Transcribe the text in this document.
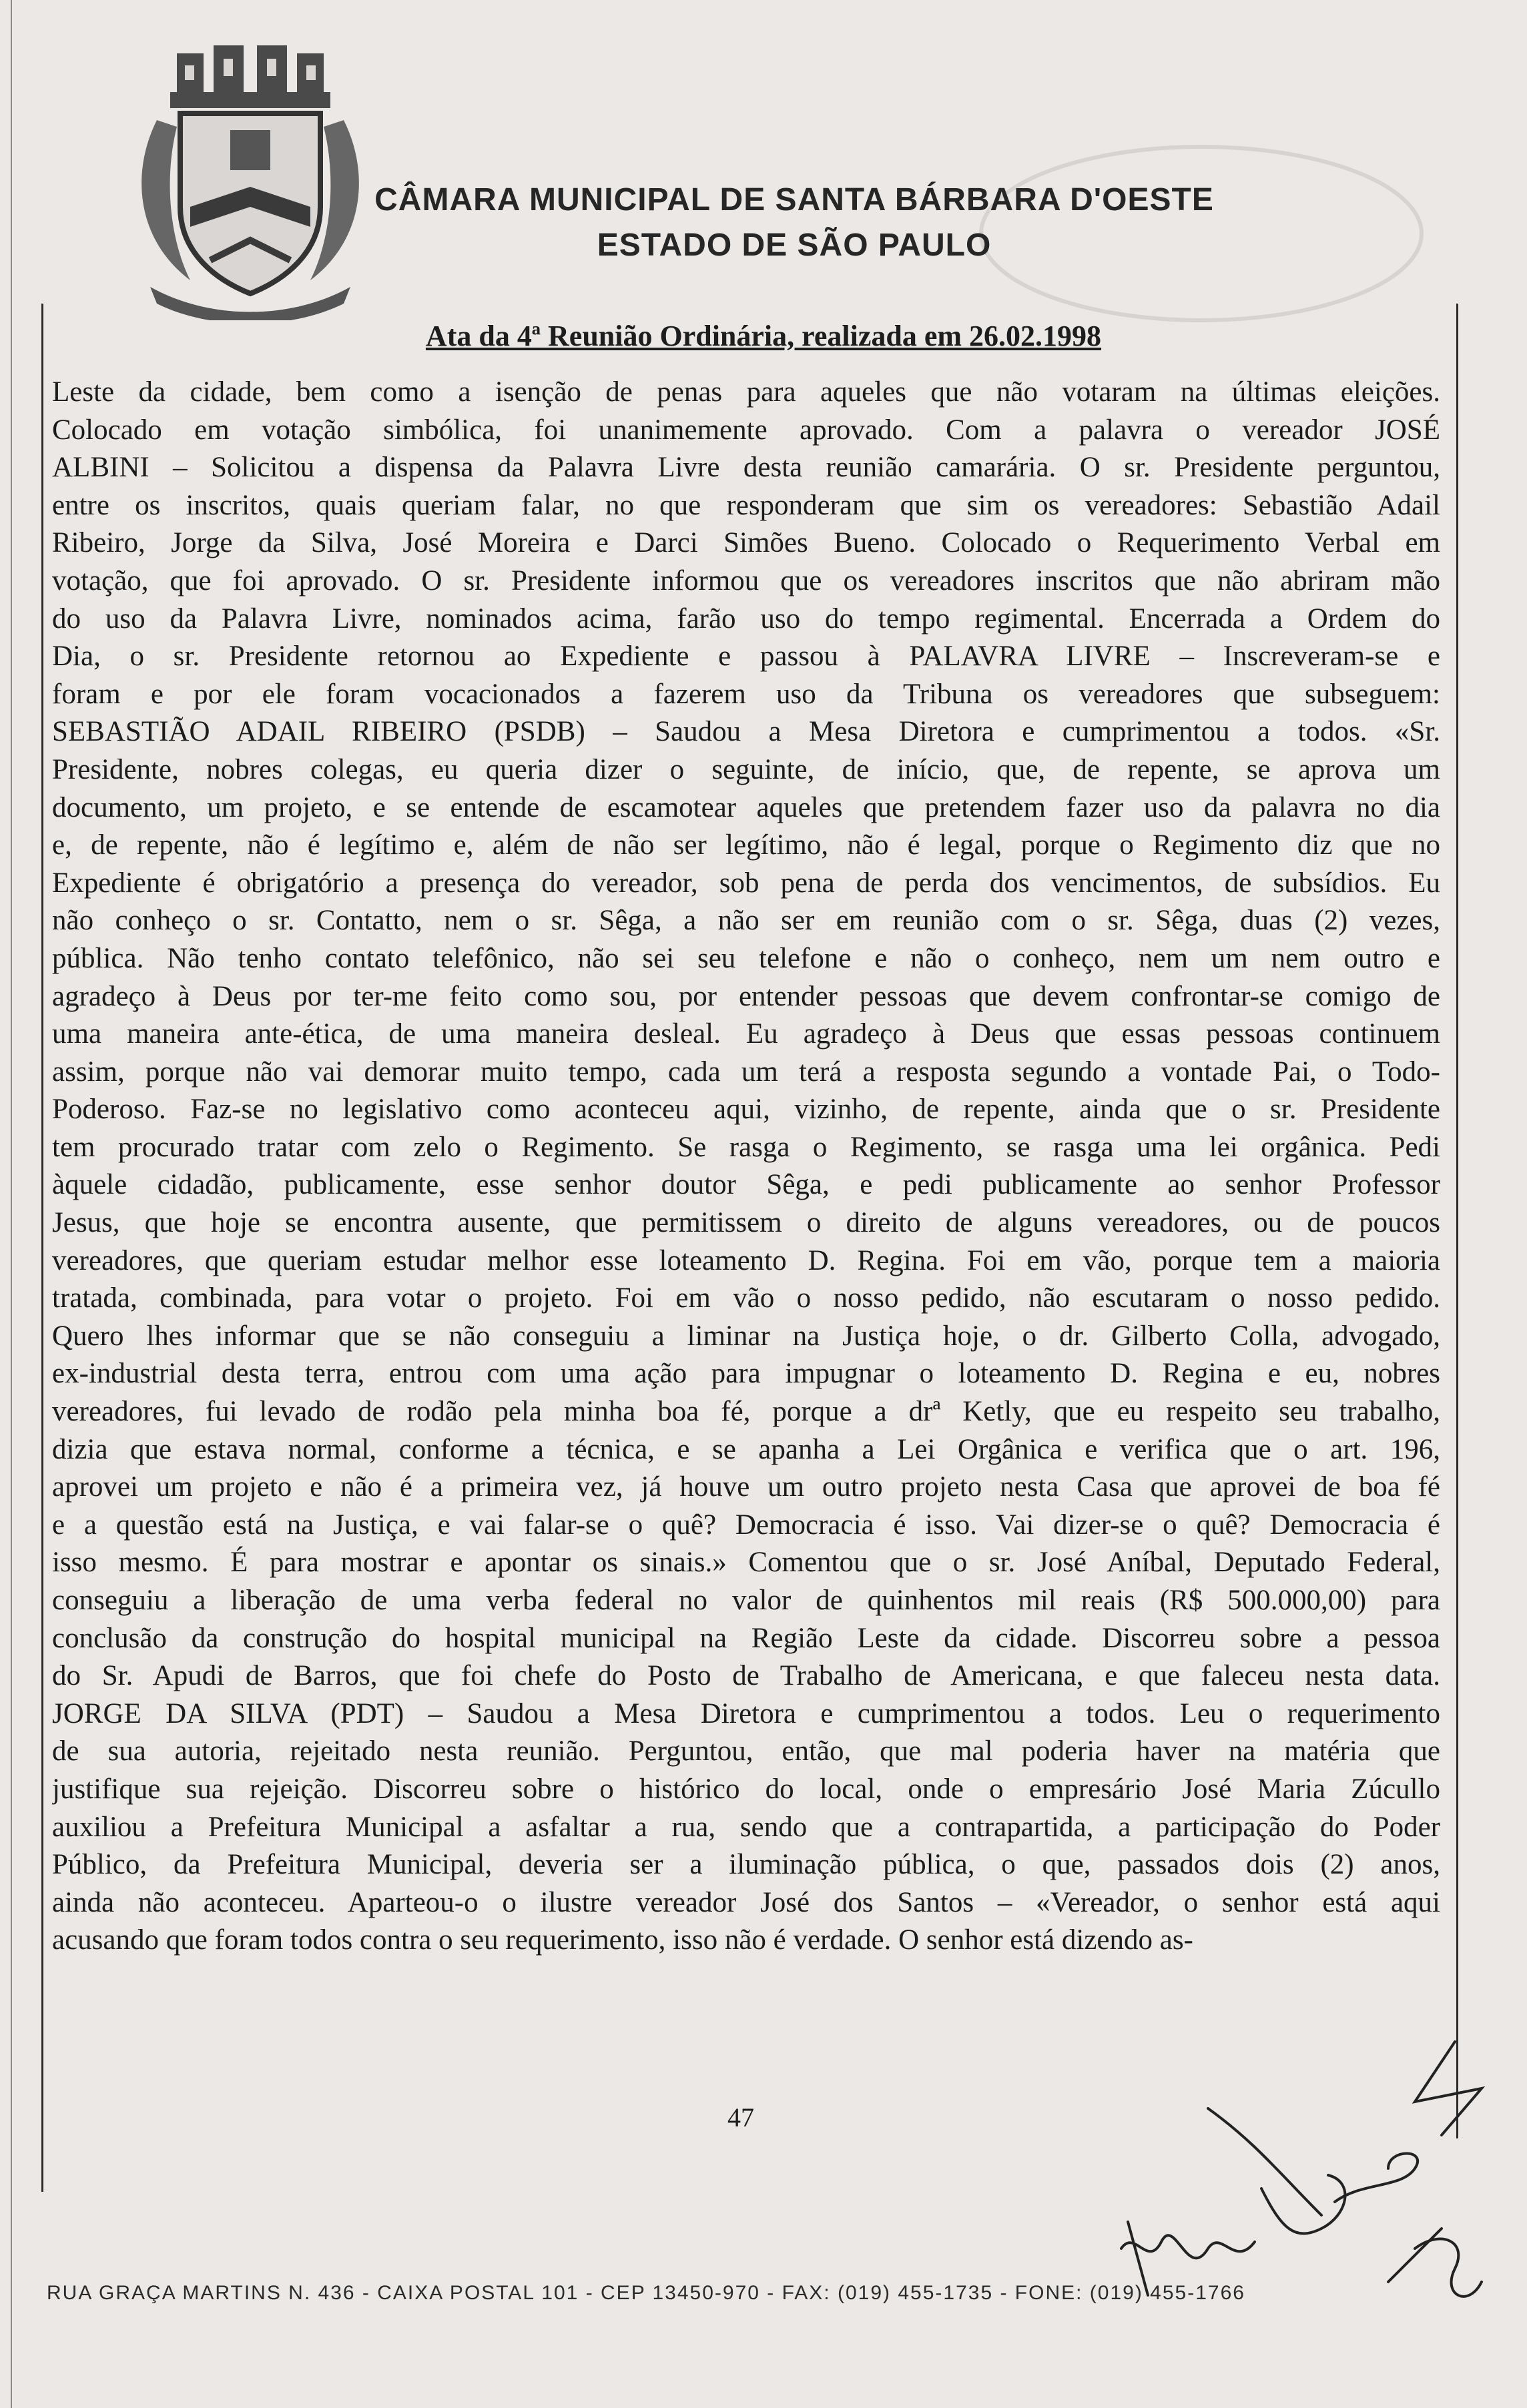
CÂMARA MUNICIPAL DE SANTA BÁRBARA D'OESTE
ESTADO DE SÃO PAULO
Ata da 4ª Reunião Ordinária, realizada em 26.02.1998
Leste da cidade, bem como a isenção de penas para aqueles que não votaram na últimas eleições.
Colocado em votação simbólica, foi unanimemente aprovado. Com a palavra o vereador JOSÉ
ALBINI – Solicitou a dispensa da Palavra Livre desta reunião camarária. O sr. Presidente perguntou,
entre os inscritos, quais queriam falar, no que responderam que sim os vereadores: Sebastião Adail
Ribeiro, Jorge da Silva, José Moreira e Darci Simões Bueno. Colocado o Requerimento Verbal em
votação, que foi aprovado. O sr. Presidente informou que os vereadores inscritos que não abriram mão
do uso da Palavra Livre, nominados acima, farão uso do tempo regimental. Encerrada a Ordem do
Dia, o sr. Presidente retornou ao Expediente e passou à PALAVRA LIVRE – Inscreveram-se e
foram e por ele foram vocacionados a fazerem uso da Tribuna os vereadores que subseguem:
SEBASTIÃO ADAIL RIBEIRO (PSDB) – Saudou a Mesa Diretora e cumprimentou a todos. «Sr.
Presidente, nobres colegas, eu queria dizer o seguinte, de início, que, de repente, se aprova um
documento, um projeto, e se entende de escamotear aqueles que pretendem fazer uso da palavra no dia
e, de repente, não é legítimo e, além de não ser legítimo, não é legal, porque o Regimento diz que no
Expediente é obrigatório a presença do vereador, sob pena de perda dos vencimentos, de subsídios. Eu
não conheço o sr. Contatto, nem o sr. Sêga, a não ser em reunião com o sr. Sêga, duas (2) vezes,
pública. Não tenho contato telefônico, não sei seu telefone e não o conheço, nem um nem outro e
agradeço à Deus por ter-me feito como sou, por entender pessoas que devem confrontar-se comigo de
uma maneira ante-ética, de uma maneira desleal. Eu agradeço à Deus que essas pessoas continuem
assim, porque não vai demorar muito tempo, cada um terá a resposta segundo a vontade Pai, o Todo-
Poderoso. Faz-se no legislativo como aconteceu aqui, vizinho, de repente, ainda que o sr. Presidente
tem procurado tratar com zelo o Regimento. Se rasga o Regimento, se rasga uma lei orgânica. Pedi
àquele cidadão, publicamente, esse senhor doutor Sêga, e pedi publicamente ao senhor Professor
Jesus, que hoje se encontra ausente, que permitissem o direito de alguns vereadores, ou de poucos
vereadores, que queriam estudar melhor esse loteamento D. Regina. Foi em vão, porque tem a maioria
tratada, combinada, para votar o projeto. Foi em vão o nosso pedido, não escutaram o nosso pedido.
Quero lhes informar que se não conseguiu a liminar na Justiça hoje, o dr. Gilberto Colla, advogado,
ex-industrial desta terra, entrou com uma ação para impugnar o loteamento D. Regina e eu, nobres
vereadores, fui levado de rodão pela minha boa fé, porque a drª Ketly, que eu respeito seu trabalho,
dizia que estava normal, conforme a técnica, e se apanha a Lei Orgânica e verifica que o art. 196,
aprovei um projeto e não é a primeira vez, já houve um outro projeto nesta Casa que aprovei de boa fé
e a questão está na Justiça, e vai falar-se o quê? Democracia é isso. Vai dizer-se o quê? Democracia é
isso mesmo. É para mostrar e apontar os sinais.» Comentou que o sr. José Aníbal, Deputado Federal,
conseguiu a liberação de uma verba federal no valor de quinhentos mil reais (R$ 500.000,00) para
conclusão da construção do hospital municipal na Região Leste da cidade. Discorreu sobre a pessoa
do Sr. Apudi de Barros, que foi chefe do Posto de Trabalho de Americana, e que faleceu nesta data.
JORGE DA SILVA (PDT) – Saudou a Mesa Diretora e cumprimentou a todos. Leu o requerimento
de sua autoria, rejeitado nesta reunião. Perguntou, então, que mal poderia haver na matéria que
justifique sua rejeição. Discorreu sobre o histórico do local, onde o empresário José Maria Zúcullo
auxiliou a Prefeitura Municipal a asfaltar a rua, sendo que a contrapartida, a participação do Poder
Público, da Prefeitura Municipal, deveria ser a iluminação pública, o que, passados dois (2) anos,
ainda não aconteceu. Aparteou-o o ilustre vereador José dos Santos – «Vereador, o senhor está aqui
acusando que foram todos contra o seu requerimento, isso não é verdade. O senhor está dizendo as-
47
RUA GRAÇA MARTINS N. 436 - CAIXA POSTAL 101 - CEP 13450-970 - FAX: (019) 455-1735 - FONE: (019) 455-1766
